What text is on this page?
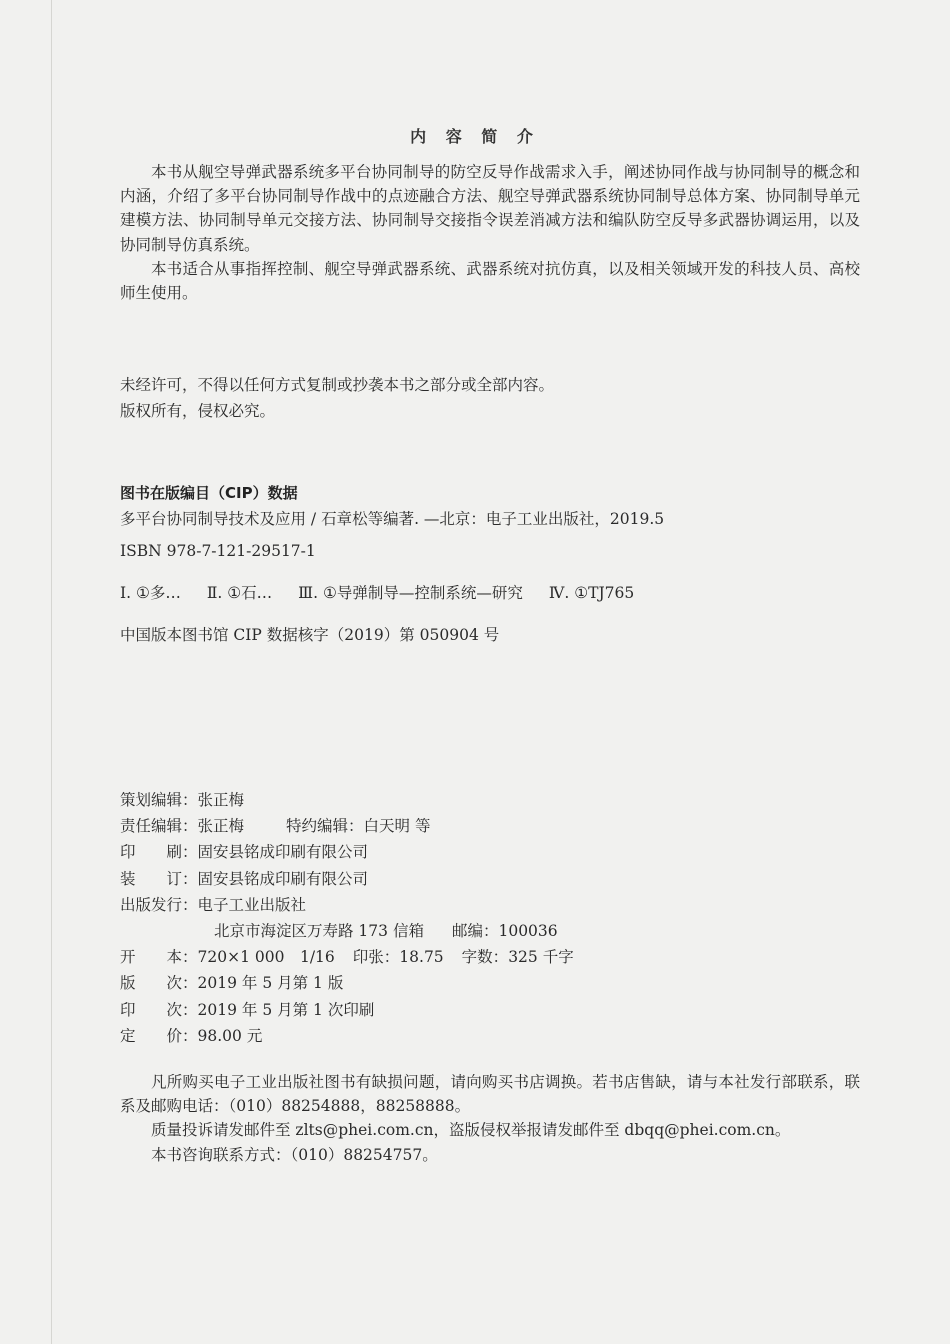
内 容 简 介

本书从舰空导弹武器系统多平台协同制导的防空反导作战需求入手，阐述协同作战与协同制导的概念和内涵，介绍了多平台协同制导作战中的点迹融合方法、舰空导弹武器系统协同制导总体方案、协同制导单元建模方法、协同制导单元交接方法、协同制导交接指令误差消减方法和编队防空反导多武器协调运用，以及协同制导仿真系统。

本书适合从事指挥控制、舰空导弹武器系统、武器系统对抗仿真，以及相关领域开发的科技人员、高校师生使用。

未经许可，不得以任何方式复制或抄袭本书之部分或全部内容。
版权所有，侵权必究。
图书在版编目（CIP）数据
多平台协同制导技术及应用 / 石章松等编著. —北京：电子工业出版社，2019.5
ISBN 978-7-121-29517-1
Ⅰ. ①多… Ⅱ. ①石… Ⅲ. ①导弹制导—控制系统—研究 Ⅳ. ①TJ765
中国版本图书馆 CIP 数据核字（2019）第 050904 号
策划编辑： 张正梅
责任编辑： 张正梅	特约编辑： 白天明 等
印　　刷： 固安县铭成印刷有限公司
装　　订： 固安县铭成印刷有限公司
出版发行： 电子工业出版社
北京市海淀区万寿路 173 信箱 邮编： 100036
开　　本： 720×1 000　1/16 印张： 18.75 字数： 325 千字
版　　次： 2019 年 5 月第 1 版
印　　次： 2019 年 5 月第 1 次印刷
定　　价： 98.00 元

凡所购买电子工业出版社图书有缺损问题，请向购买书店调换。若书店售缺，请与本社发行部联系，联系及邮购电话：（010）88254888，88258888。

质量投诉请发邮件至 zlts@phei.com.cn，盗版侵权举报请发邮件至 dbqq@phei.com.cn。
本书咨询联系方式：（010）88254757。
